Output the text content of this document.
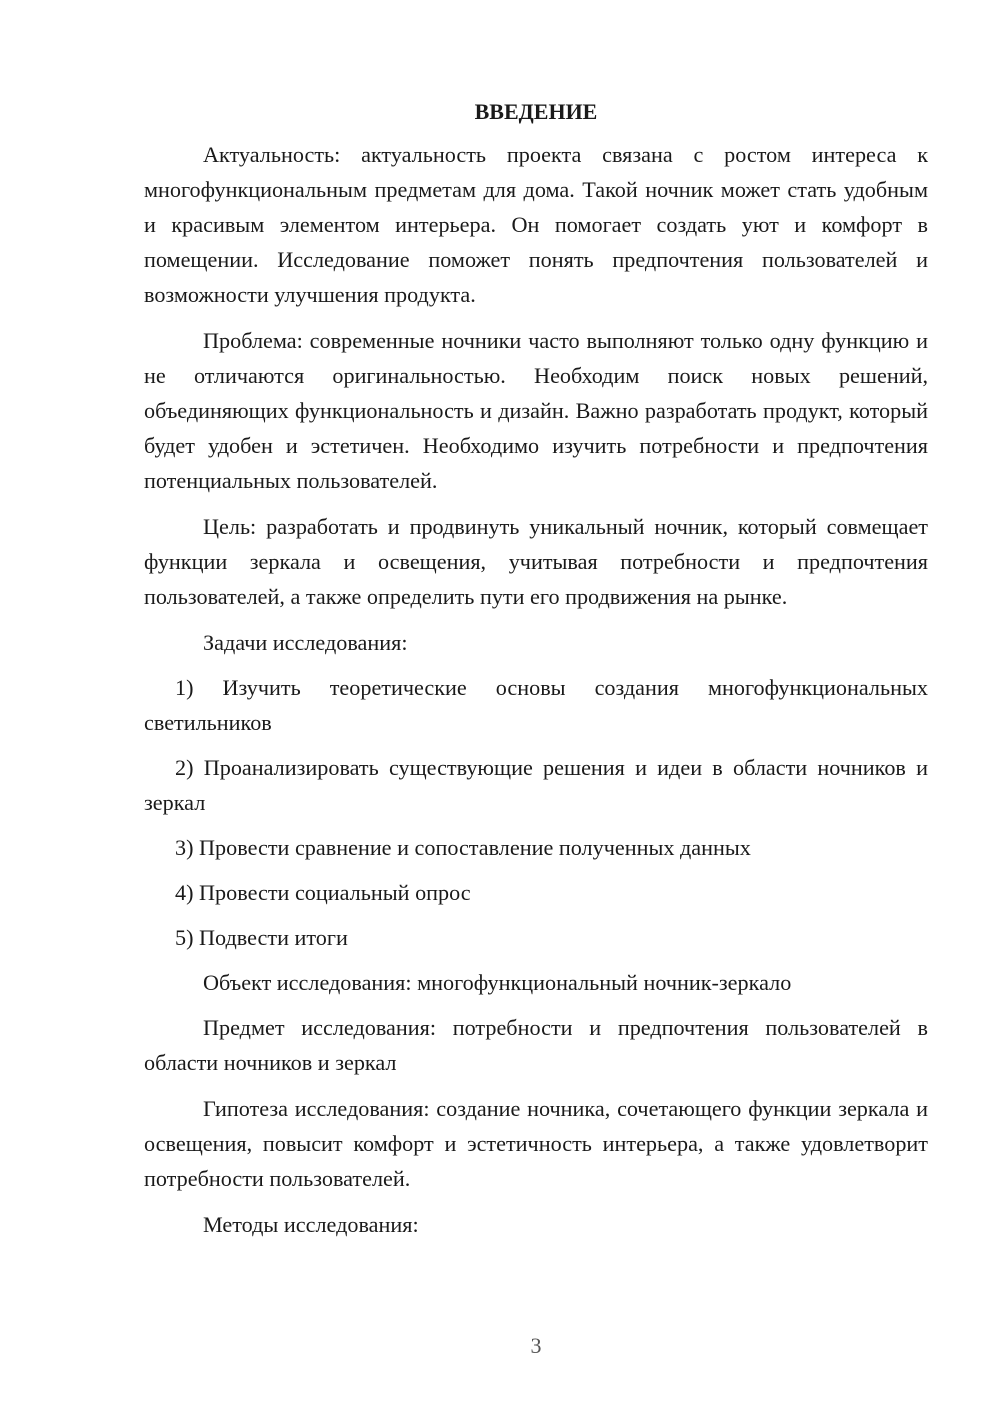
ВВЕДЕНИЕ

Актуальность: актуальность проекта связана с ростом интереса к многофункциональным предметам для дома. Такой ночник может стать удобным и красивым элементом интерьера. Он помогает создать уют и комфорт в помещении. Исследование поможет понять предпочтения пользователей и возможности улучшения продукта.

Проблема: современные ночники часто выполняют только одну функцию и не отличаются оригинальностью. Необходим поиск новых решений, объединяющих функциональность и дизайн. Важно разработать продукт, который будет удобен и эстетичен. Необходимо изучить потребности и предпочтения потенциальных пользователей.

Цель: разработать и продвинуть уникальный ночник, который совмещает функции зеркала и освещения, учитывая потребности и предпочтения пользователей, а также определить пути его продвижения на рынке.

Задачи исследования:

1) Изучить теоретические основы создания многофункциональных светильников

2) Проанализировать существующие решения и идеи в области ночников и зеркал

3) Провести сравнение и сопоставление полученных данных

4) Провести социальный опрос

5) Подвести итоги

Объект исследования: многофункциональный ночник-зеркало

Предмет исследования: потребности и предпочтения пользователей в области ночников и зеркал

Гипотеза исследования: создание ночника, сочетающего функции зеркала и освещения, повысит комфорт и эстетичность интерьера, а также удовлетворит потребности пользователей.

Методы исследования:

3
